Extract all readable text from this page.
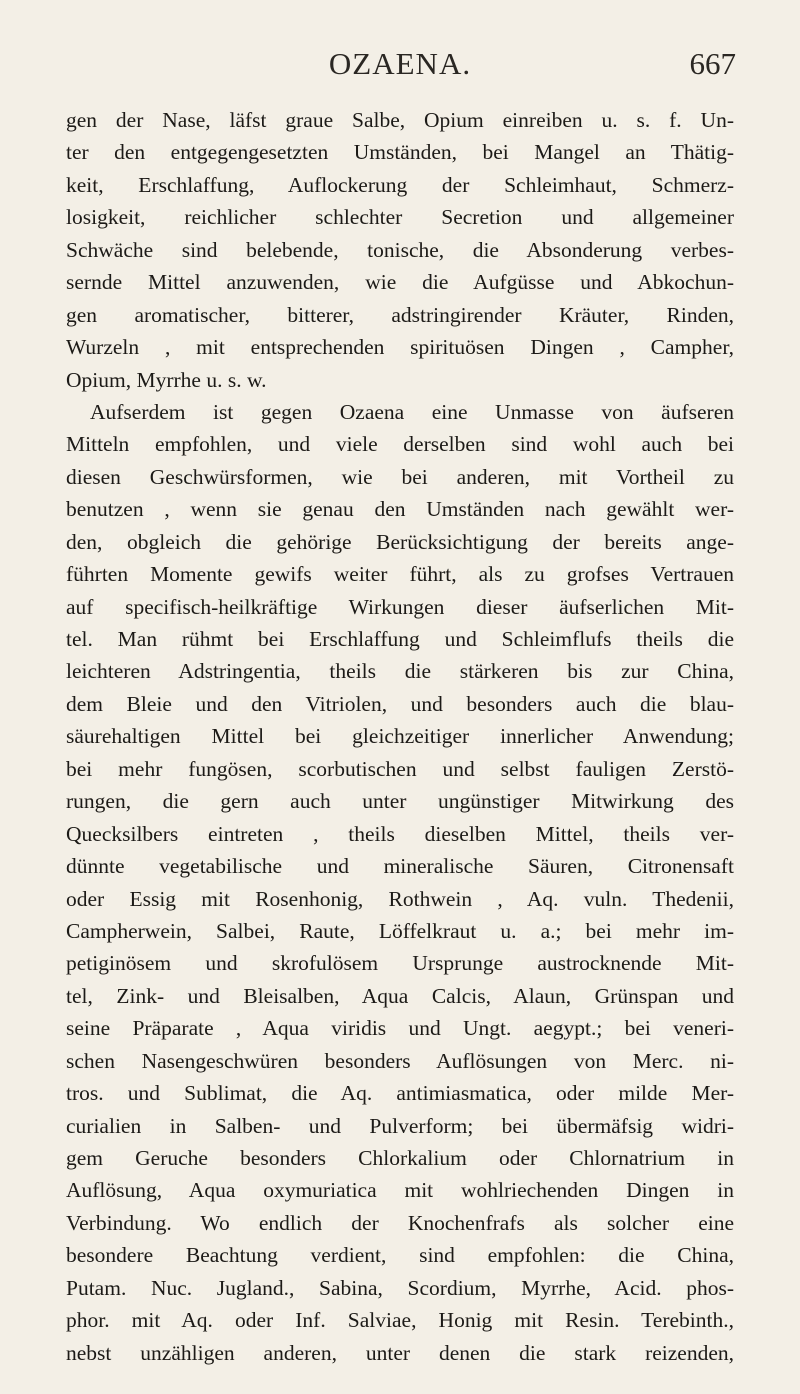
OZAENA.	667
gen der Nase, läfst graue Salbe, Opium einreiben u. s. f. Un-
ter den entgegengesetzten Umständen, bei Mangel an Thätig-
keit, Erschlaffung, Auflockerung der Schleimhaut, Schmerz-
losigkeit, reichlicher schlechter Secretion und allgemeiner
Schwäche sind belebende, tonische, die Absonderung verbes-
sernde Mittel anzuwenden, wie die Aufgüsse und Abkochun-
gen aromatischer, bitterer, adstringirender Kräuter, Rinden,
Wurzeln , mit entsprechenden spirituösen Dingen , Campher,
Opium, Myrrhe u. s. w.
Aufserdem ist gegen Ozaena eine Unmasse von äufseren
Mitteln empfohlen, und viele derselben sind wohl auch bei
diesen Geschwürsformen, wie bei anderen, mit Vortheil zu
benutzen , wenn sie genau den Umständen nach gewählt wer-
den, obgleich die gehörige Berücksichtigung der bereits ange-
führten Momente gewifs weiter führt, als zu grofses Vertrauen
auf specifisch-heilkräftige Wirkungen dieser äufserlichen Mit-
tel. Man rühmt bei Erschlaffung und Schleimflufs theils die
leichteren Adstringentia, theils die stärkeren bis zur China,
dem Bleie und den Vitriolen, und besonders auch die blau-
säurehaltigen Mittel bei gleichzeitiger innerlicher Anwendung;
bei mehr fungösen, scorbutischen und selbst fauligen Zerstö-
rungen, die gern auch unter ungünstiger Mitwirkung des
Quecksilbers eintreten , theils dieselben Mittel, theils ver-
dünnte vegetabilische und mineralische Säuren, Citronensaft
oder Essig mit Rosenhonig, Rothwein , Aq. vuln. Thedenii,
Campherwein, Salbei, Raute, Löffelkraut u. a.; bei mehr im-
petiginösem und skrofulösem Ursprunge austrocknende Mit-
tel, Zink- und Bleisalben, Aqua Calcis, Alaun, Grünspan und
seine Präparate , Aqua viridis und Ungt. aegypt.; bei veneri-
schen Nasengeschwüren besonders Auflösungen von Merc. ni-
tros. und Sublimat, die Aq. antimiasmatica, oder milde Mer-
curialien in Salben- und Pulverform; bei übermäfsig widri-
gem Geruche besonders Chlorkalium oder Chlornatrium in
Auflösung, Aqua oxymuriatica mit wohlriechenden Dingen in
Verbindung. Wo endlich der Knochenfrafs als solcher eine
besondere Beachtung verdient, sind empfohlen: die China,
Putam. Nuc. Jugland., Sabina, Scordium, Myrrhe, Acid. phos-
phor. mit Aq. oder Inf. Salviae, Honig mit Resin. Terebinth.,
nebst unzähligen anderen, unter denen die stark reizenden,
